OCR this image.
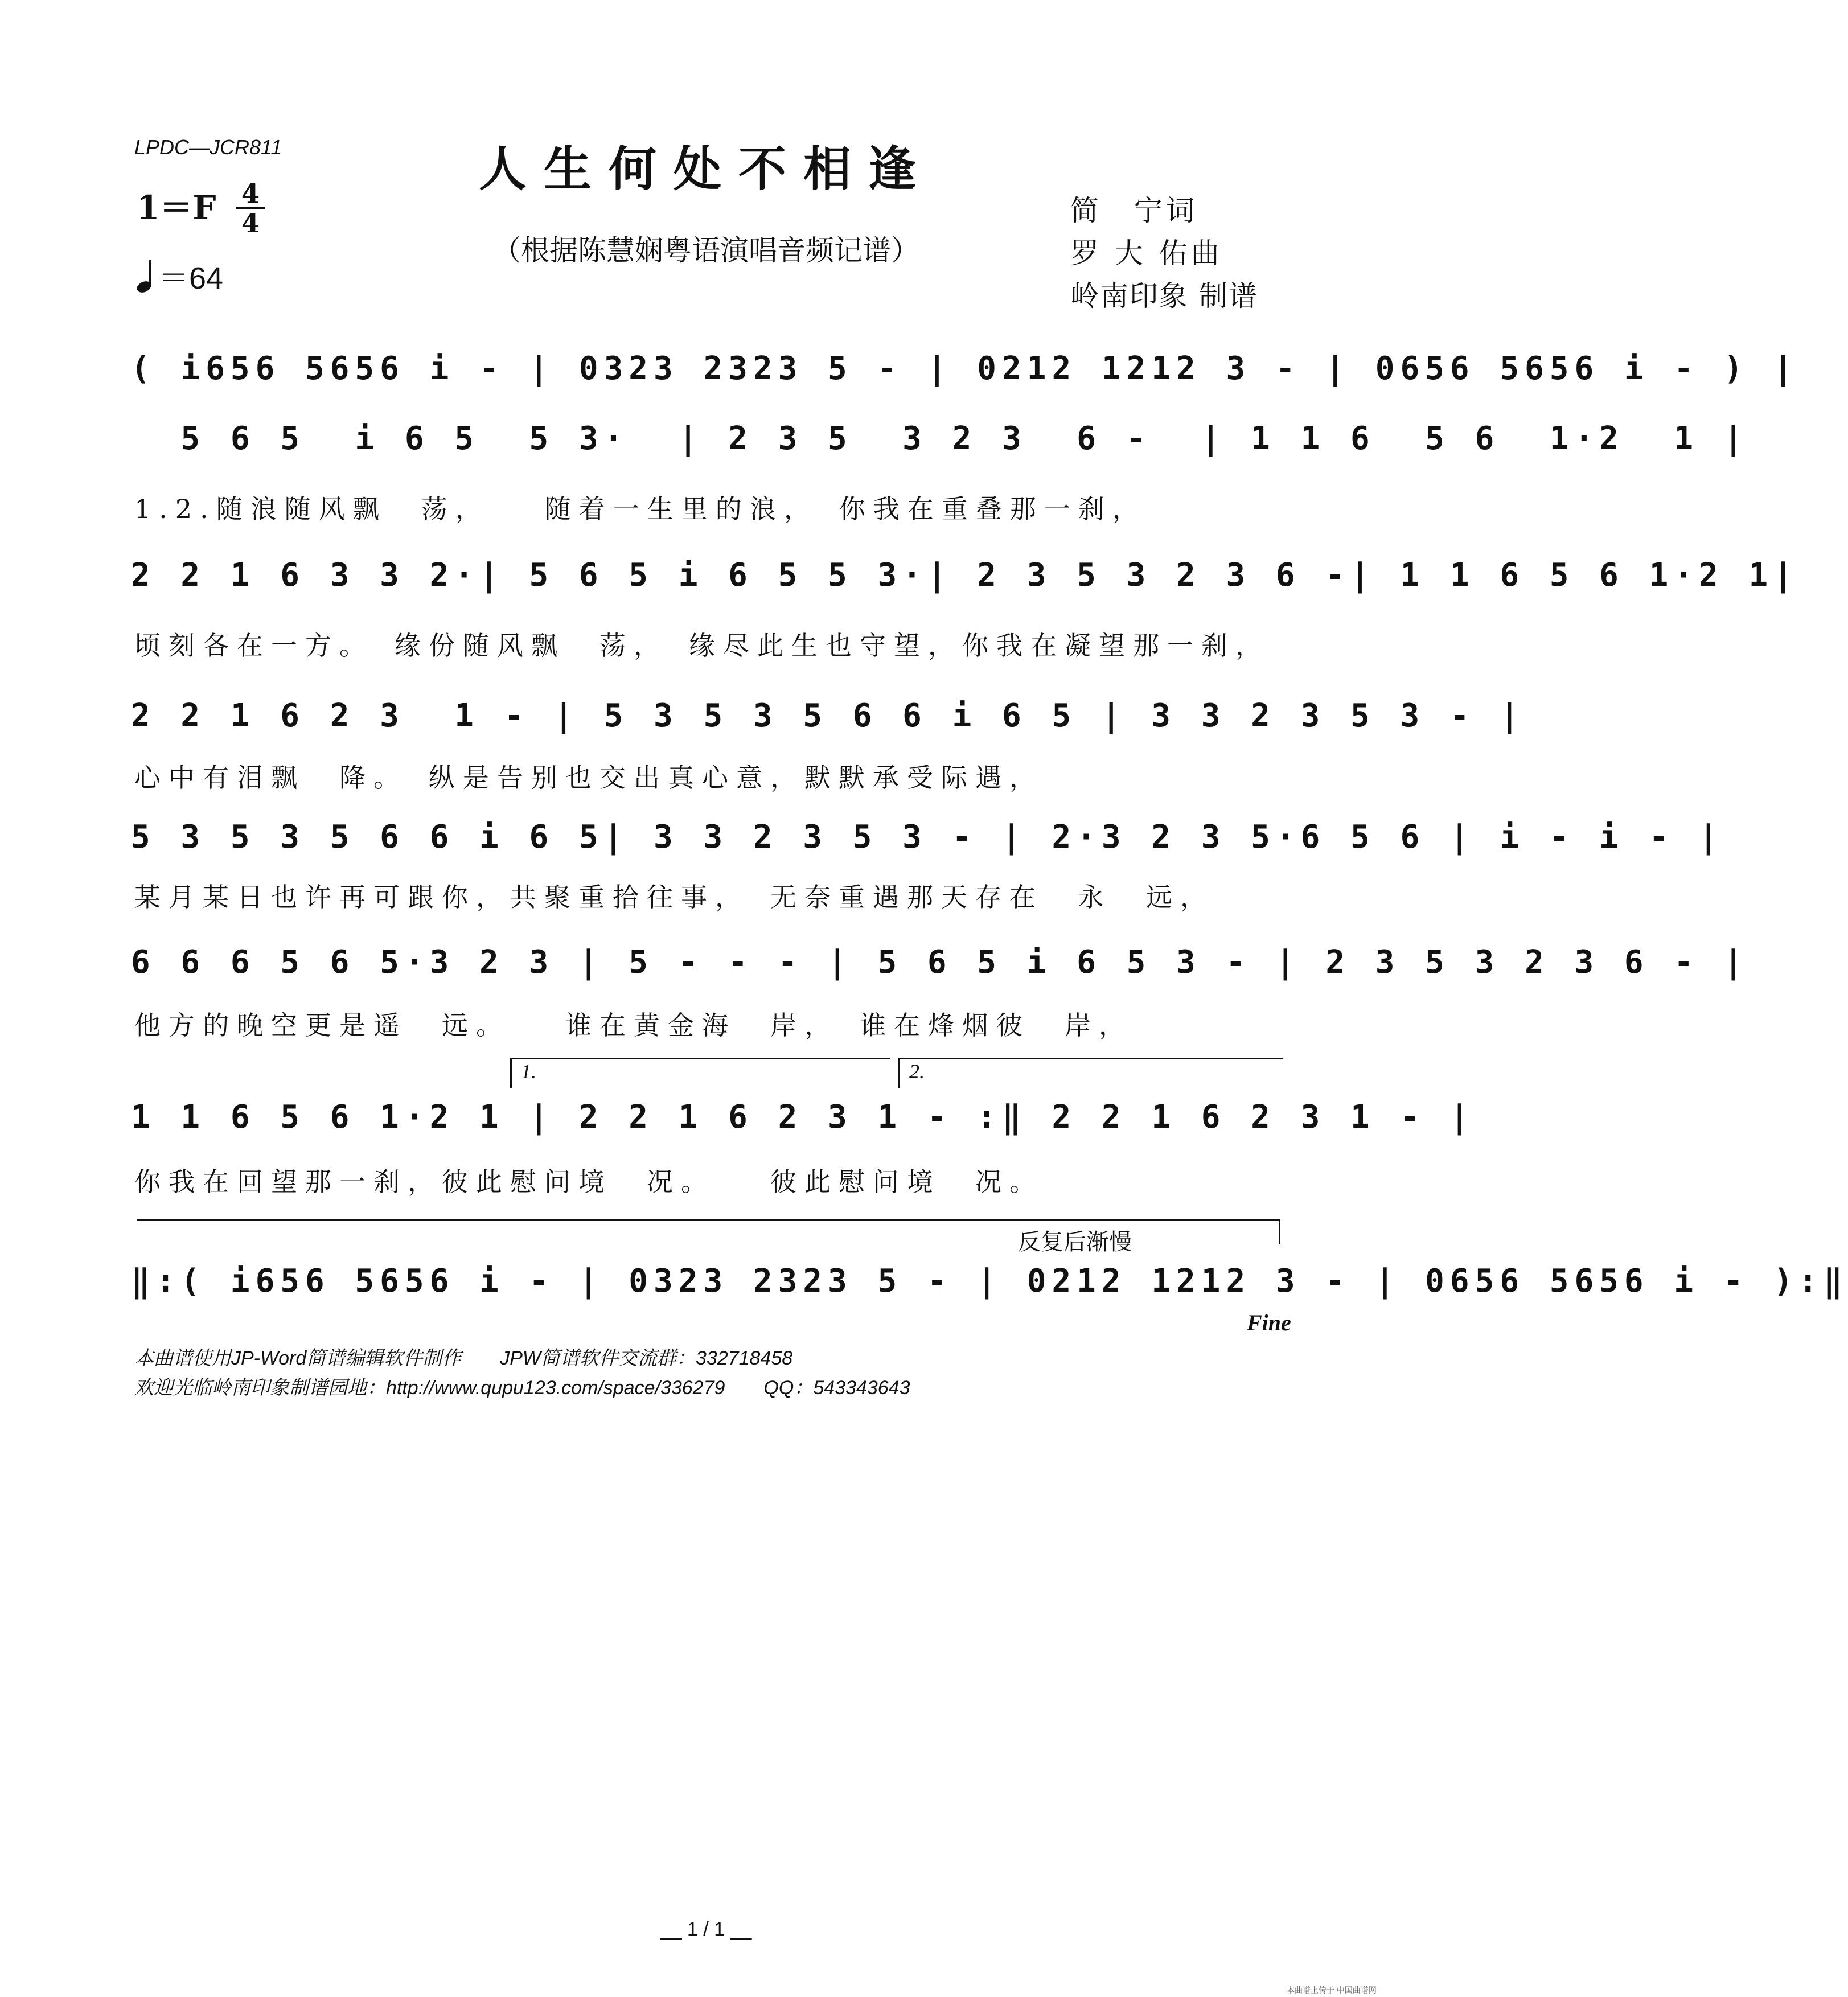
LPDC—JCR811	人生何处不相逢
（根据陈慧娴粤语演唱音频记谱）
1＝F 4
4
＝64
简　宁词
罗 大 佑曲
岭南印象 制谱
( i656 5656 i - | 0323 2323 5 - | 0212 1212 3 - | 0656 5656 i - ) |
5 6 5  i 6 5  5 3·  | 2 3 5  3 2 3  6 -  | 1 1 6  5 6  1·2  1 |
1.2.随浪随风飘　荡，　　随着一生里的浪，　你我在重叠那一刹，
2 2 1 6 3 3 2·| 5 6 5 i 6 5 5 3·| 2 3 5 3 2 3 6 -| 1 1 6 5 6 1·2 1|
顷刻各在一方。　缘份随风飘　荡，　缘尽此生也守望，你我在凝望那一刹，
2 2 1 6 2 3  1 - | 5 3 5 3 5 6 6 i 6 5 | 3 3 2 3 5 3 - |
心中有泪飘　降。　纵是告别也交出真心意，默默承受际遇，
5 3 5 3 5 6 6 i 6 5| 3 3 2 3 5 3 - | 2·3 2 3 5·6 5 6 | i - i - |
某月某日也许再可跟你，共聚重拾往事，　无奈重遇那天存在　永　远，
6 6 6 5 6 5·3 2 3 | 5 - - - | 5 6 5 i 6 5 3 - | 2 3 5 3 2 3 6 - |
他方的晚空更是遥　远。　　谁在黄金海　岸，　谁在烽烟彼　岸，
1.	2.
1 1 6 5 6 1·2 1 | 2 2 1 6 2 3 1 - :‖ 2 2 1 6 2 3 1 - |
你我在回望那一刹，彼此慰问境　况。　　彼此慰问境　况。
反复后渐慢
‖:( i656 5656 i - | 0323 2323 5 - | 0212 1212 3 - | 0656 5656 i - ):‖
Fine
本曲谱使用JP-Word简谱编辑软件制作　　JPW简谱软件交流群：332718458
欢迎光临岭南印象制谱园地：http://www.qupu123.com/space/336279　　QQ：543343643
__ 1 / 1 __
本曲谱上传于 中国曲谱网
